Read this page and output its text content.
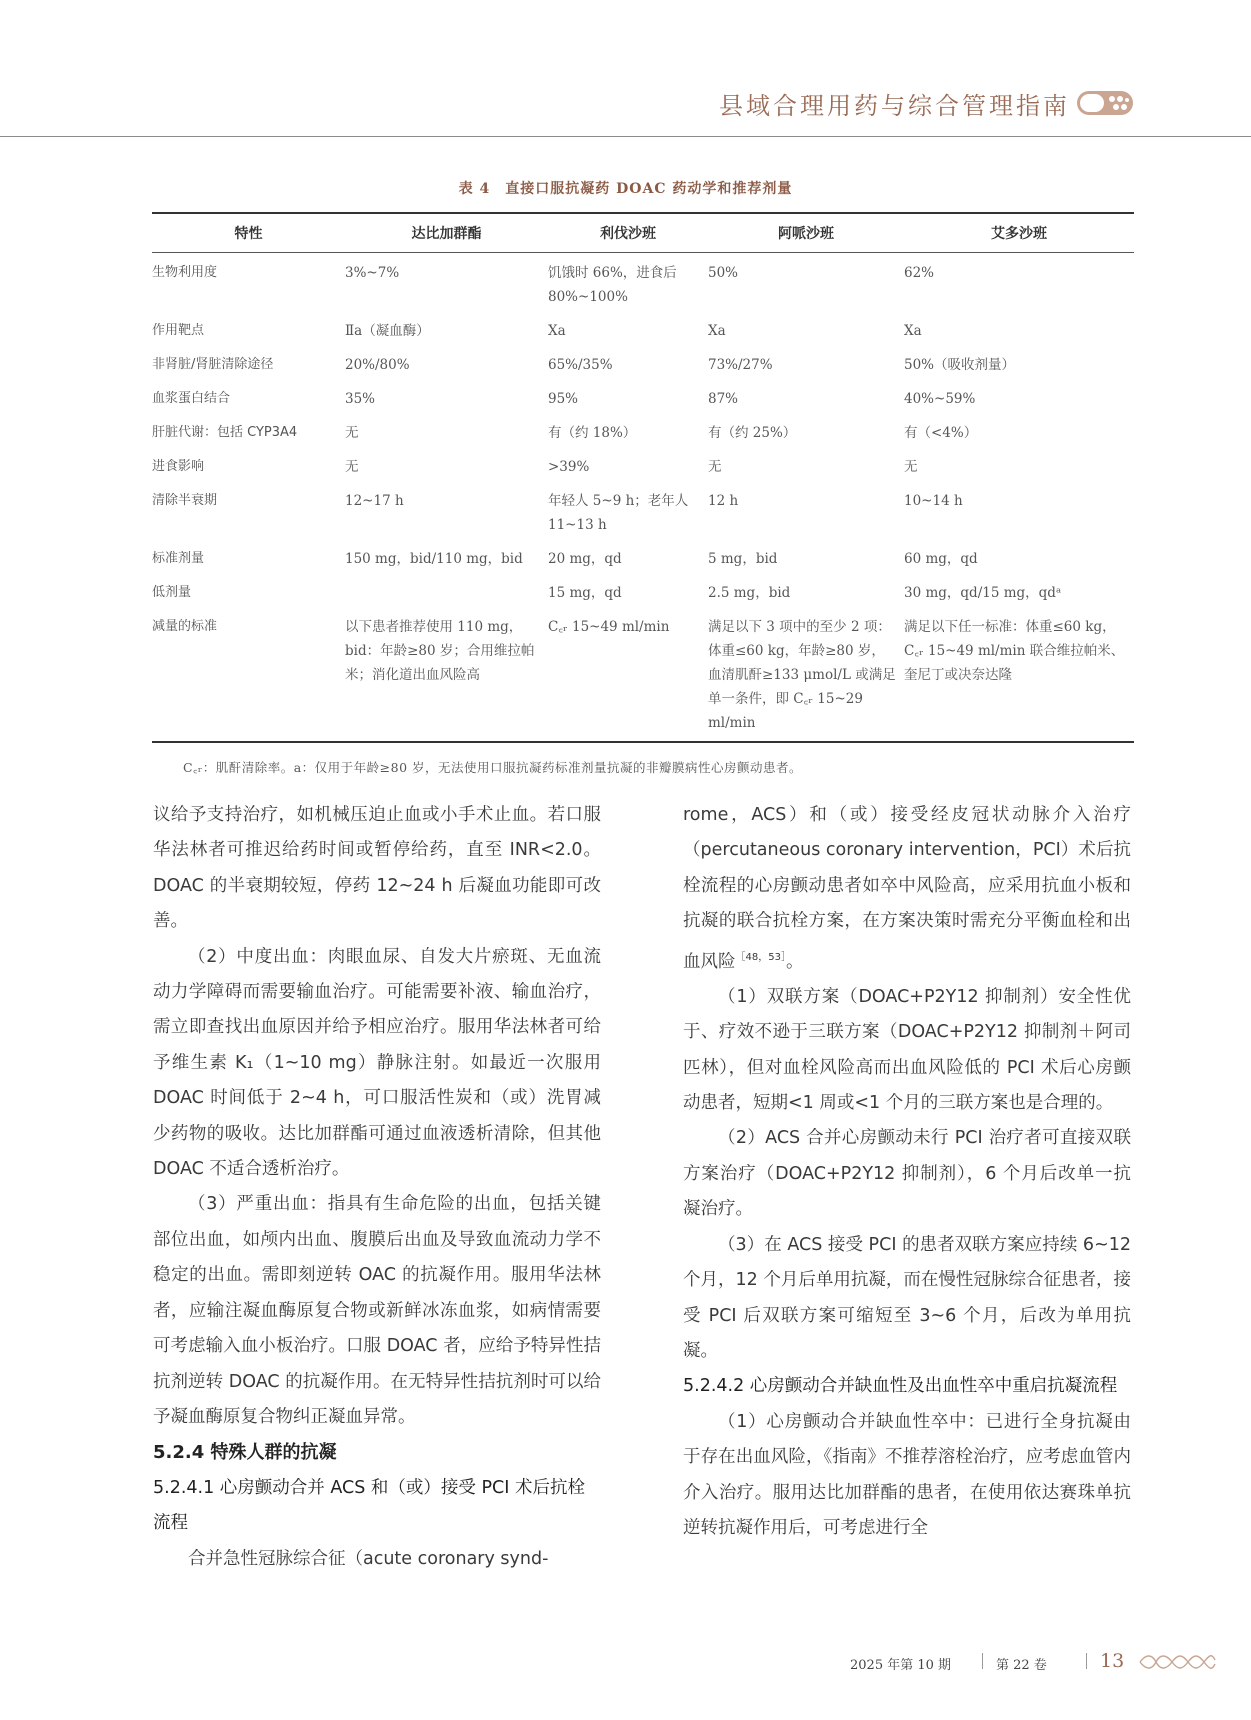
县域合理用药与综合管理指南
表 4　直接口服抗凝药 DOAC 药动学和推荐剂量
特性	达比加群酯	利伐沙班	阿哌沙班	艾多沙班
生物利用度	3%~7%	饥饿时 66%，进食后 80%~100%	50%	62%
作用靶点	Ⅱa（凝血酶）	Xa	Xa	Xa
非肾脏/肾脏清除途径	20%/80%	65%/35%	73%/27%	50%（吸收剂量）
血浆蛋白结合	35%	95%	87%	40%~59%
肝脏代谢：包括 CYP3A4	无	有（约 18%）	有（约 25%）	有（<4%）
进食影响	无	>39%	无	无
清除半衰期	12~17 h	年轻人 5~9 h；老年人 11~13 h	12 h	10~14 h
标准剂量	150 mg，bid/110 mg，bid	20 mg，qd	5 mg，bid	60 mg，qd
低剂量		15 mg，qd	2.5 mg，bid	30 mg，qd/15 mg，qdᵃ
减量的标准	以下患者推荐使用 110 mg，bid：年龄≥80 岁；合用维拉帕米；消化道出血风险高	C꜀ᵣ 15~49 ml/min	满足以下 3 项中的至少 2 项：体重≤60 kg，年龄≥80 岁，血清肌酐≥133 μmol/L 或满足单一条件，即 C꜀ᵣ 15~29 ml/min	满足以下任一标准：体重≤60 kg，C꜀ᵣ 15~49 ml/min 联合维拉帕米、奎尼丁或决奈达隆
C꜀ᵣ：肌酐清除率。a：仅用于年龄≥80 岁，无法使用口服抗凝药标准剂量抗凝的非瓣膜病性心房颤动患者。

议给予支持治疗，如机械压迫止血或小手术止血。若口服华法林者可推迟给药时间或暂停给药，直至 INR<2.0。DOAC 的半衰期较短，停药 12~24 h 后凝血功能即可改善。

（2）中度出血：肉眼血尿、自发大片瘀斑、无血流动力学障碍而需要输血治疗。可能需要补液、输血治疗，需立即查找出血原因并给予相应治疗。服用华法林者可给予维生素 K₁（1~10 mg）静脉注射。如最近一次服用 DOAC 时间低于 2~4 h，可口服活性炭和（或）洗胃减少药物的吸收。达比加群酯可通过血液透析清除，但其他 DOAC 不适合透析治疗。

（3）严重出血：指具有生命危险的出血，包括关键部位出血，如颅内出血、腹膜后出血及导致血流动力学不稳定的出血。需即刻逆转 OAC 的抗凝作用。服用华法林者，应输注凝血酶原复合物或新鲜冰冻血浆，如病情需要可考虑输入血小板治疗。口服 DOAC 者，应给予特异性拮抗剂逆转 DOAC 的抗凝作用。在无特异性拮抗剂时可以给予凝血酶原复合物纠正凝血异常。

5.2.4 特殊人群的抗凝
5.2.4.1 心房颤动合并 ACS 和（或）接受 PCI 术后抗栓流程

合并急性冠脉综合征（acute coronary synd-

rome，ACS）和（或）接受经皮冠状动脉介入治疗（percutaneous coronary intervention，PCI）术后抗栓流程的心房颤动患者如卒中风险高，应采用抗血小板和抗凝的联合抗栓方案，在方案决策时需充分平衡血栓和出血风险$^{[48,53]}$。

（1）双联方案（DOAC+P2Y12 抑制剂）安全性优于、疗效不逊于三联方案（DOAC+P2Y12 抑制剂＋阿司匹林），但对血栓风险高而出血风险低的 PCI 术后心房颤动患者，短期<1 周或<1 个月的三联方案也是合理的。

（2）ACS 合并心房颤动未行 PCI 治疗者可直接双联方案治疗（DOAC+P2Y12 抑制剂），6 个月后改单一抗凝治疗。

（3）在 ACS 接受 PCI 的患者双联方案应持续 6~12 个月，12 个月后单用抗凝，而在慢性冠脉综合征患者，接受 PCI 后双联方案可缩短至 3~6 个月，后改为单用抗凝。

5.2.4.2 心房颤动合并缺血性及出血性卒中重启抗凝流程

（1）心房颤动合并缺血性卒中：已进行全身抗凝由于存在出血风险，《指南》不推荐溶栓治疗，应考虑血管内介入治疗。服用达比加群酯的患者，在使用依达赛珠单抗逆转抗凝作用后，可考虑进行全

2025 年第 10 期	第 22 卷	13
